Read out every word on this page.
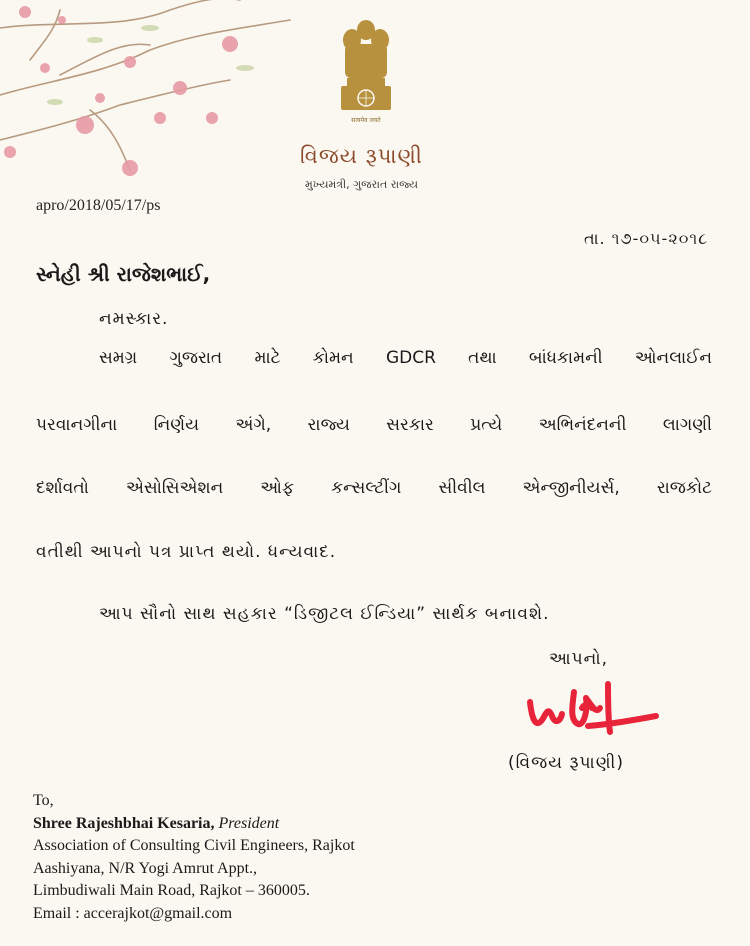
सत्यमेव जयते
વિજય રૂપાણી
મુખ્યમંત્રી, ગુજરાત રાજ્ય
apro/2018/05/17/ps
તા. ૧૭-૦૫-૨૦૧૮
સ્નેહી શ્રી રાજેશભાઈ,
નમસ્કાર.
સમગ્ર ગુજરાત માટે કોમન GDCR તથા બાંધકામની ઓનલાઈન
પરવાનગીના નિર્ણય અંગે, રાજ્ય સરકાર પ્રત્યે અભિનંદનની લાગણી
દર્શાવતો એસોસિએશન ઓફ કન્સલ્ટીંગ સીવીલ એન્જીનીયર્સ, રાજકોટ
વતીથી આપનો પત્ર પ્રાપ્ત થયો. ધન્યવાદ.
આપ સૌનો સાથ સહકાર “ડિજીટલ ઈન્ડિયા” સાર્થક બનાવશે.
આપનો,
(વિજય રૂપાણી)
To,
Shree Rajeshbhai Kesaria, President
Association of Consulting Civil Engineers, Rajkot
Aashiyana, N/R Yogi Amrut Appt.,
Limbudiwali Main Road, Rajkot – 360005.
Email : accerajkot@gmail.com
